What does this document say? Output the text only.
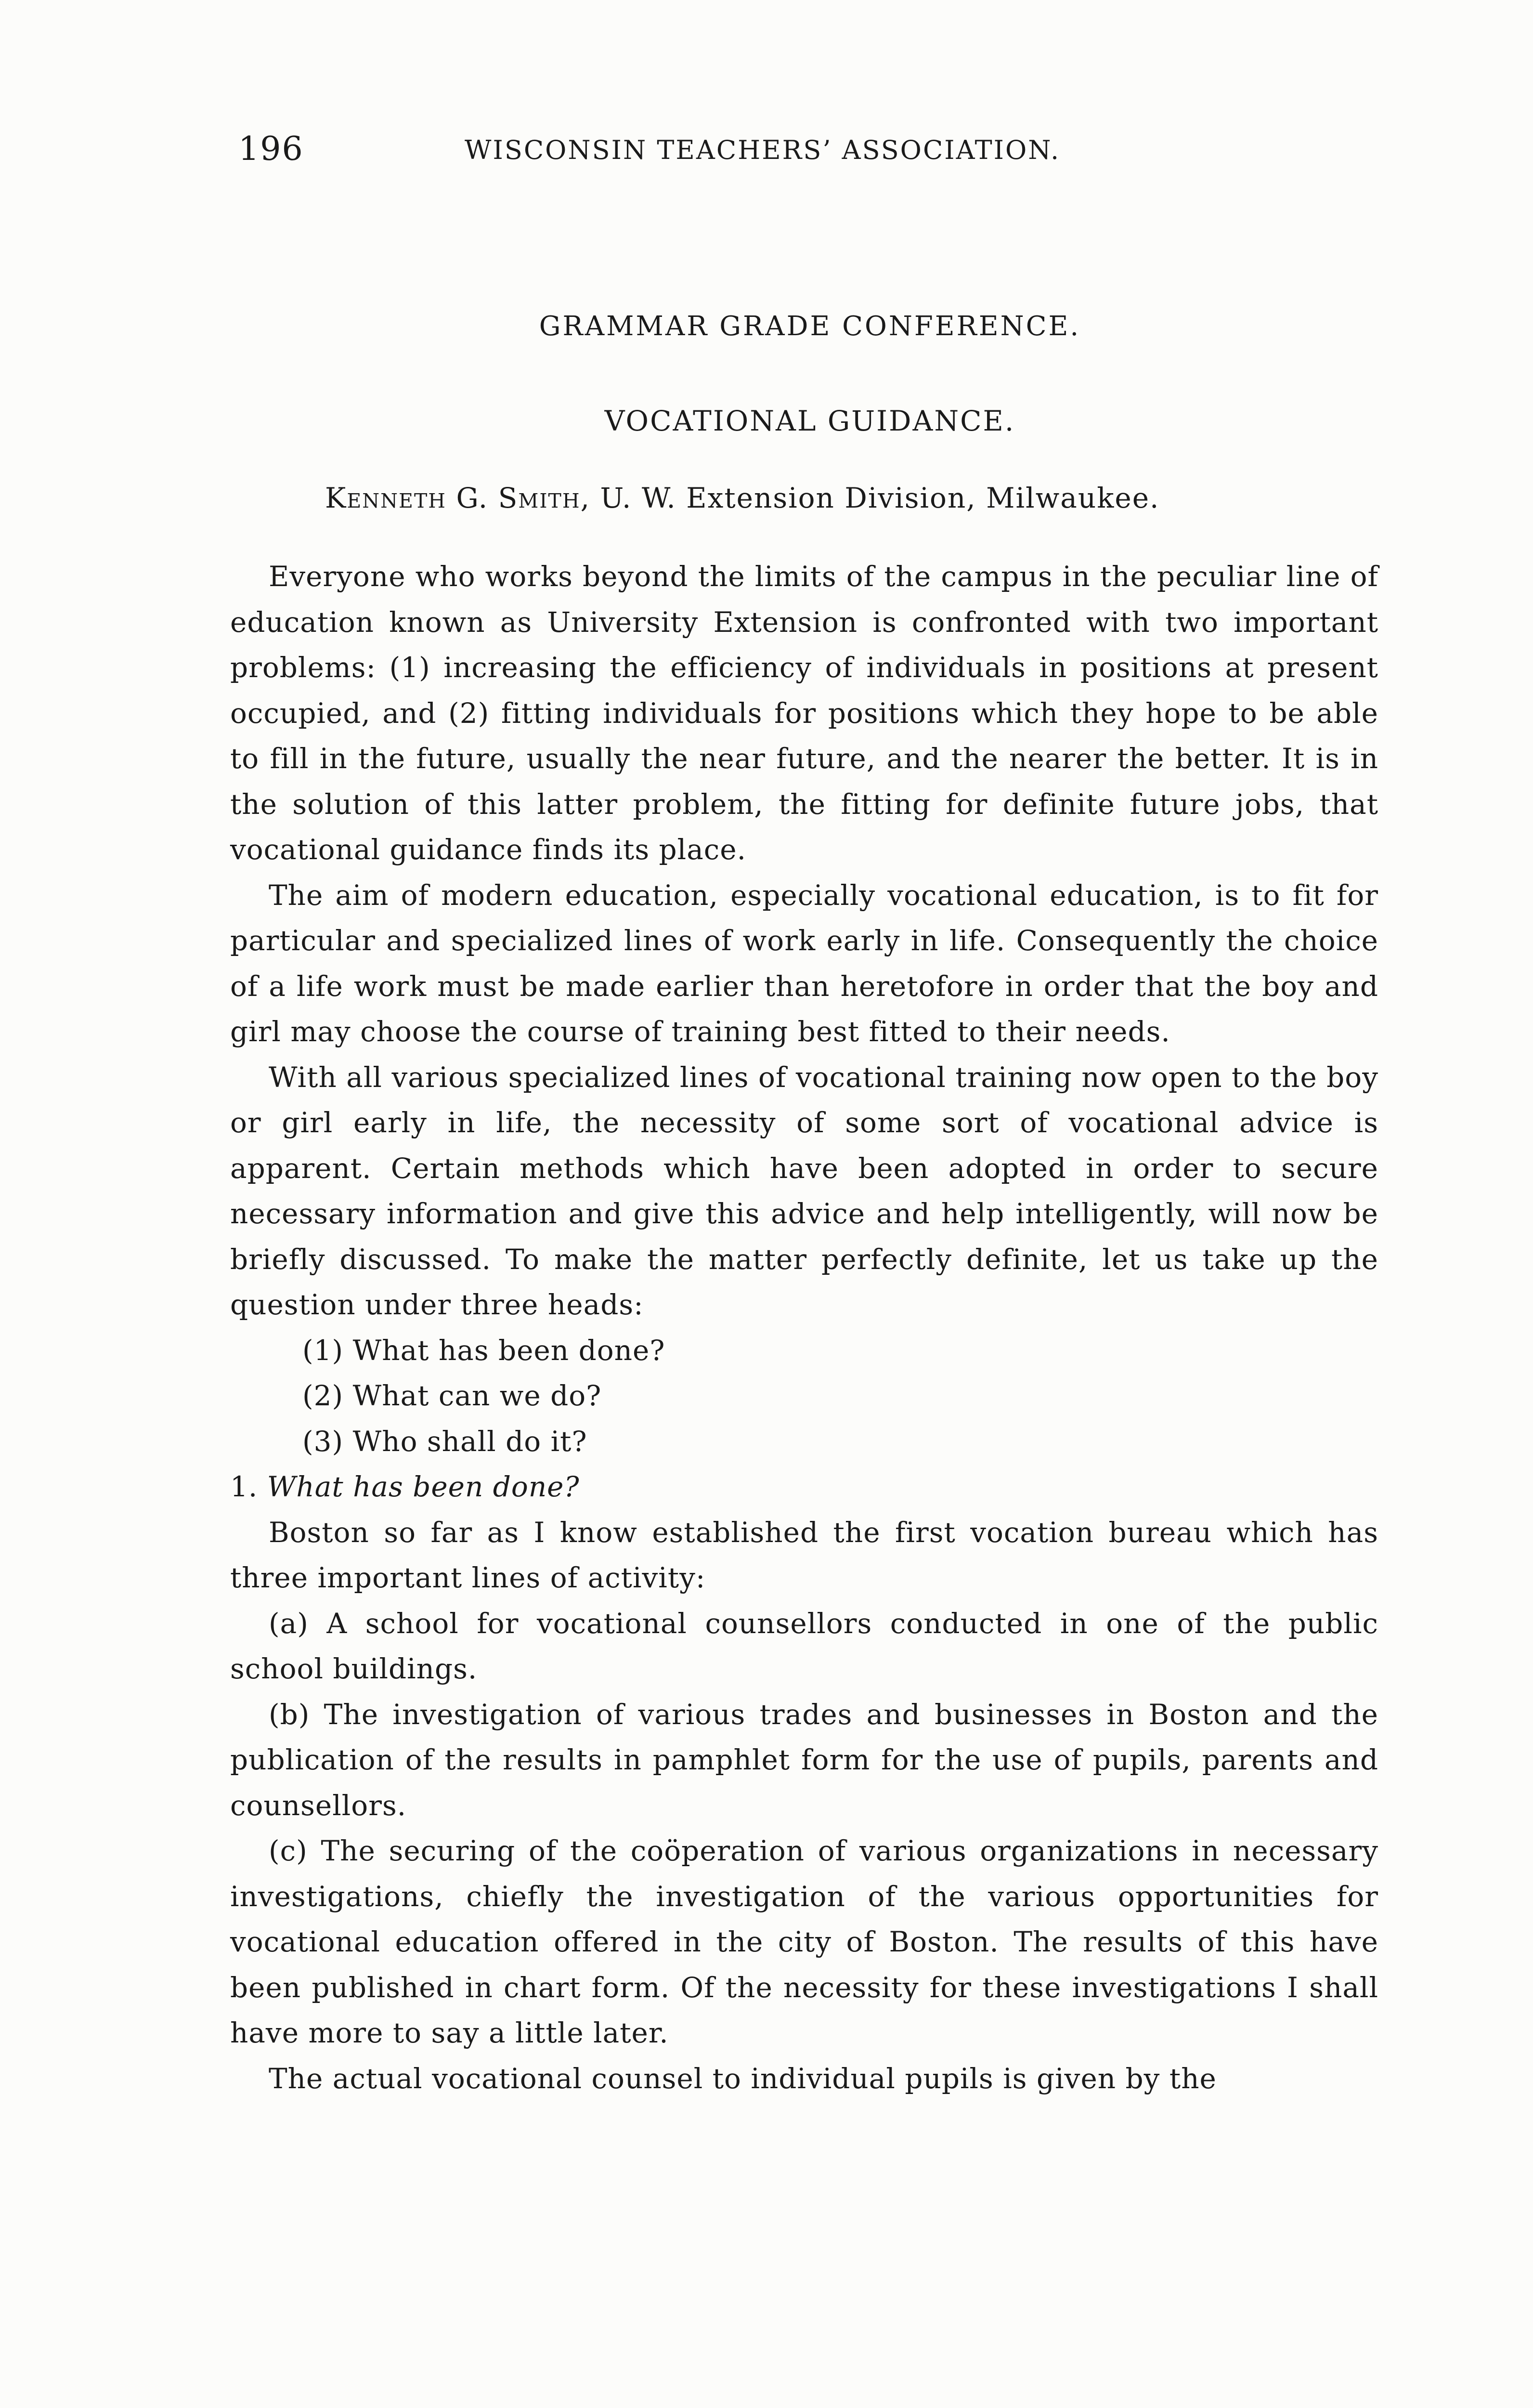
196	WISCONSIN TEACHERS’ ASSOCIATION.
GRAMMAR GRADE CONFERENCE.
VOCATIONAL GUIDANCE.
Kenneth G. Smith, U. W. Extension Division, Milwaukee.

Everyone who works beyond the limits of the campus in the peculiar line of education known as University Extension is confronted with two important problems: (1) increasing the efficiency of individuals in positions at present occupied, and (2) fitting individuals for positions which they hope to be able to fill in the future, usually the near future, and the nearer the better. It is in the solution of this latter problem, the fitting for definite future jobs, that vocational guidance finds its place.

The aim of modern education, especially vocational education, is to fit for particular and specialized lines of work early in life. Consequently the choice of a life work must be made earlier than heretofore in order that the boy and girl may choose the course of training best fitted to their needs.

With all various specialized lines of vocational training now open to the boy or girl early in life, the necessity of some sort of vocational advice is apparent. Certain methods which have been adopted in order to secure necessary information and give this advice and help intelligently, will now be briefly discussed. To make the matter perfectly definite, let us take up the question under three heads:

(1) What has been done?
(2) What can we do?
(3) Who shall do it?
1. What has been done?

Boston so far as I know established the first vocation bureau which has three important lines of activity:

(a) A school for vocational counsellors conducted in one of the public school buildings.

(b) The investigation of various trades and businesses in Boston and the publication of the results in pamphlet form for the use of pupils, parents and counsellors.

(c) The securing of the coöperation of various organizations in necessary investigations, chiefly the investigation of the various opportunities for vocational education offered in the city of Boston. The results of this have been published in chart form. Of the necessity for these investigations I shall have more to say a little later.

The actual vocational counsel to individual pupils is given by the
